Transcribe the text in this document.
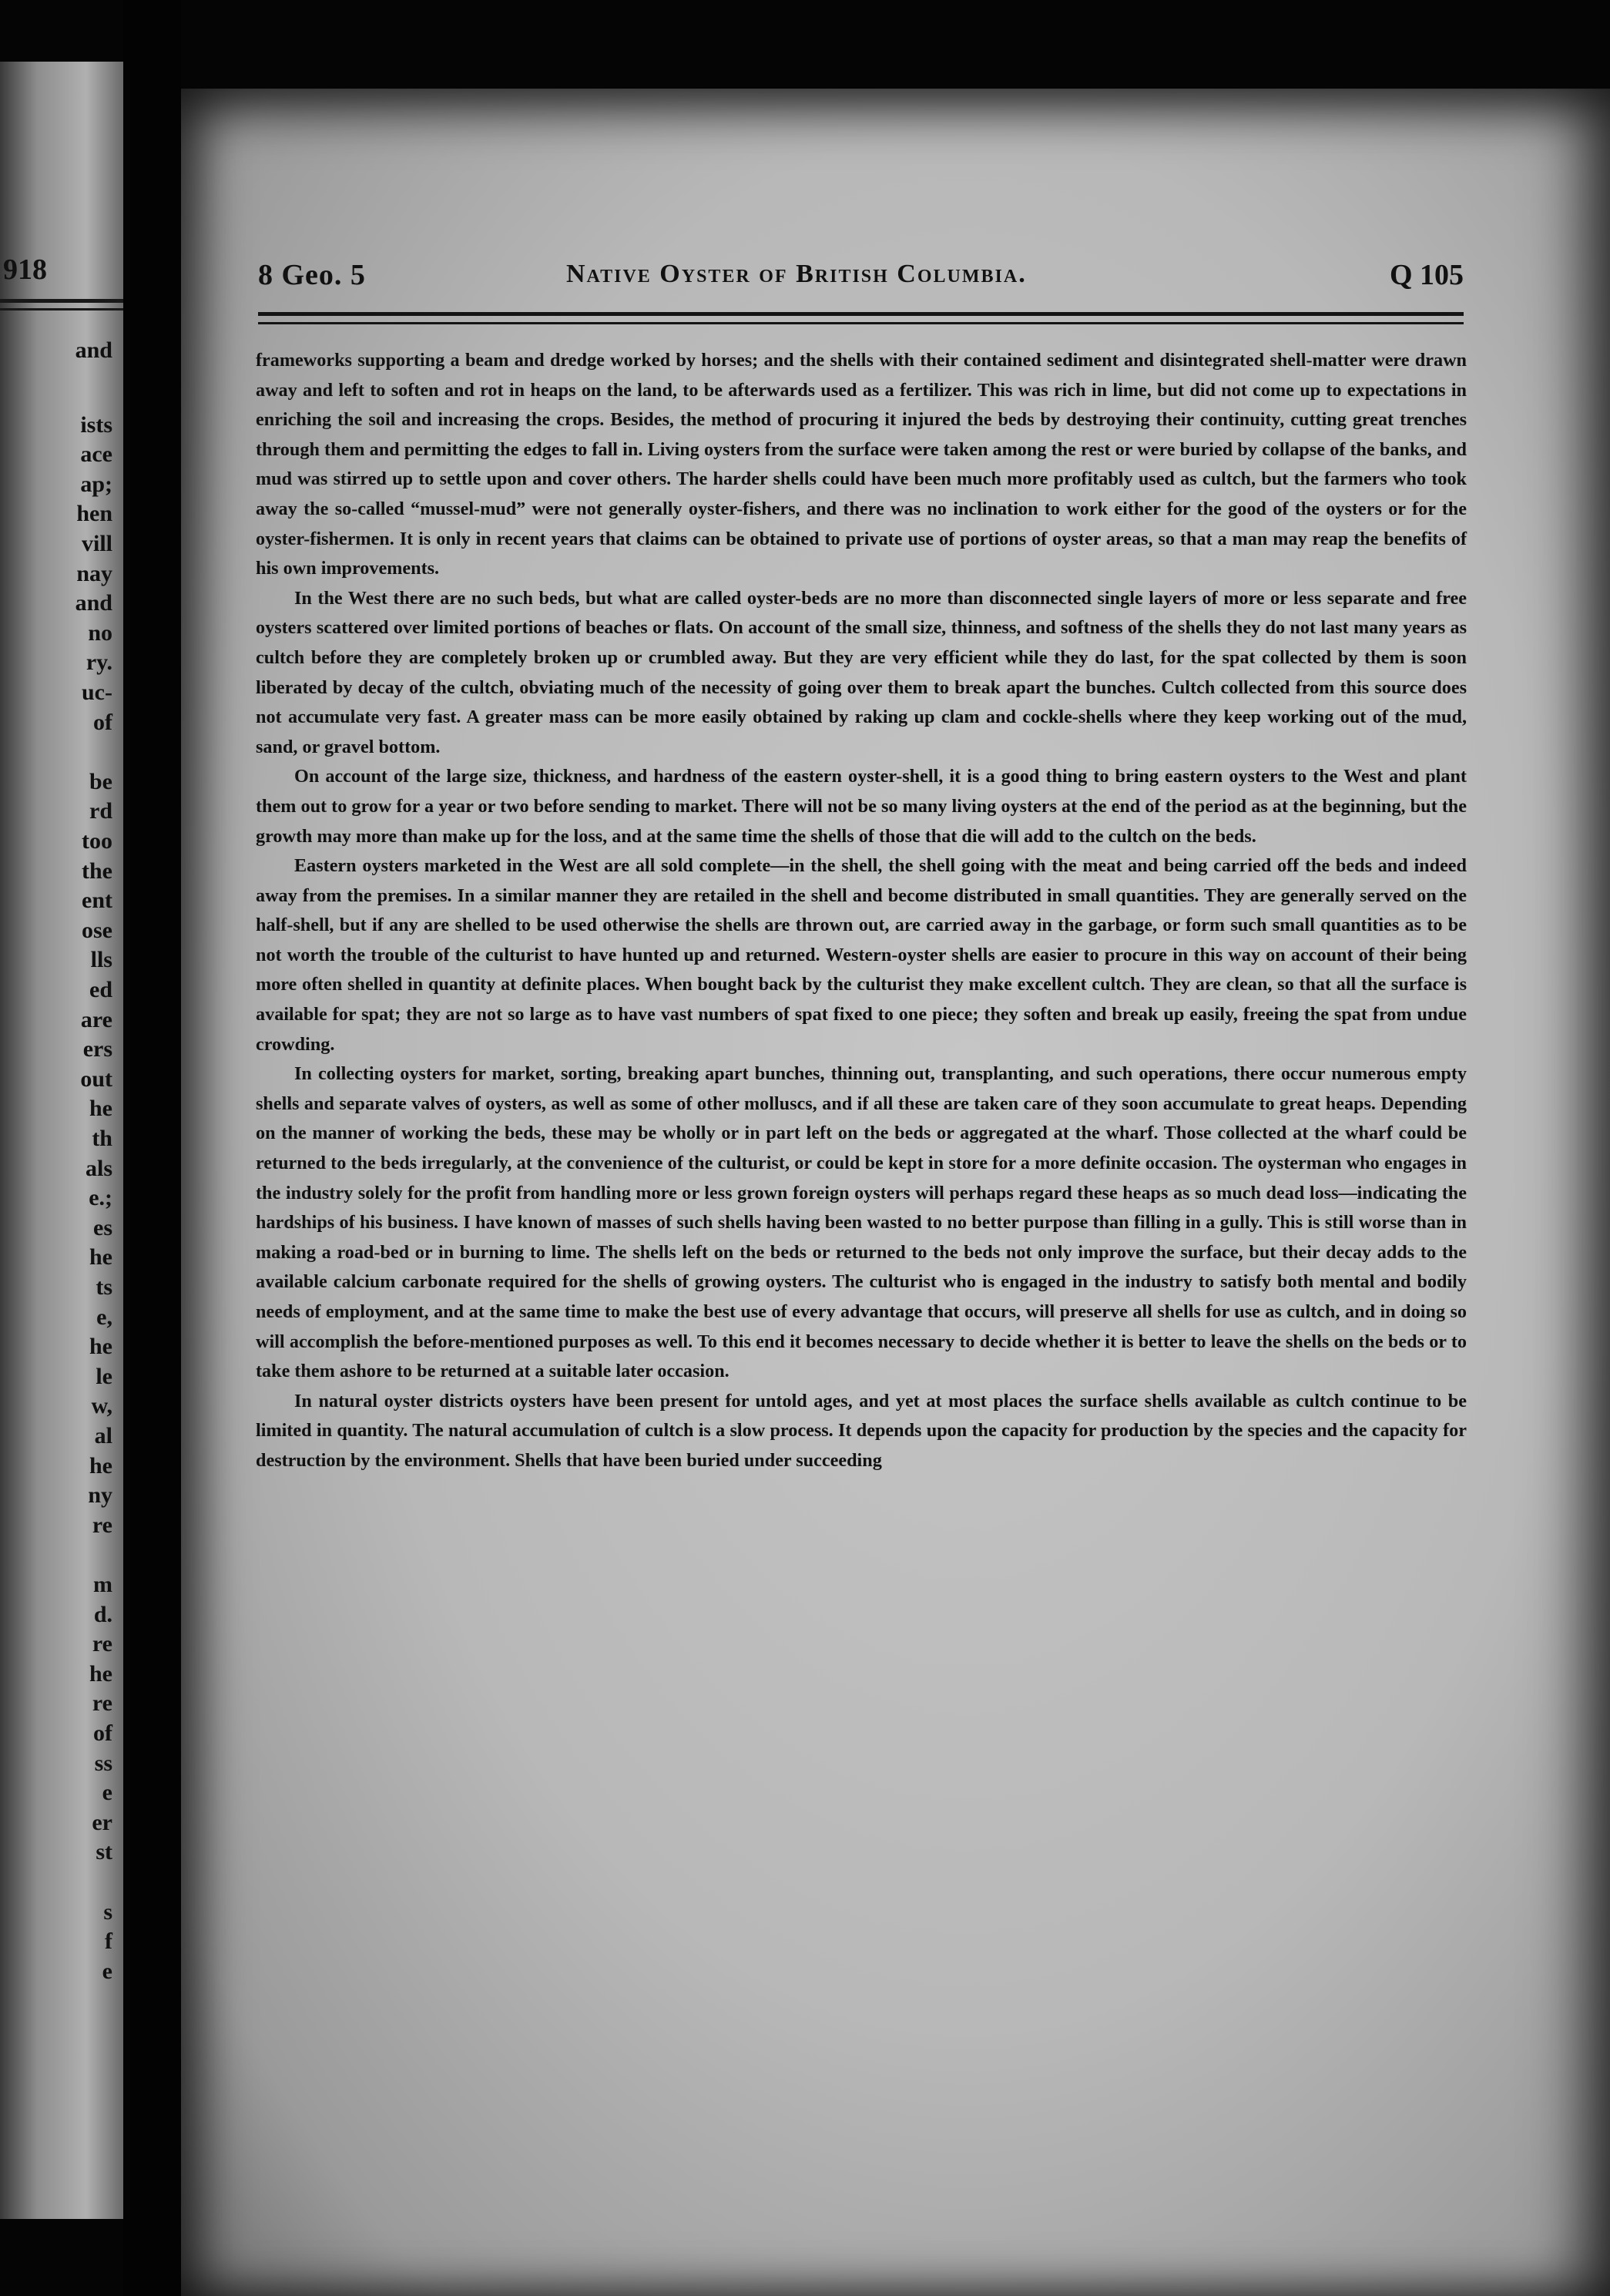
918
and
ists
ace
ap;
hen
vill
nay
and
no
ry.
uc-
of
be
rd
too
the
ent
ose
lls
ed
are
ers
out
he
th
als
e.;
es
he
ts
e,
he
le
w,
al
he
ny
re
m
d.
re
he
re
of
ss
e
er
st
s
f
e
8 Geo. 5	Native Oyster of British Columbia.	Q 105

frameworks supporting a beam and dredge worked by horses; and the shells with their contained sediment and disintegrated shell-matter were drawn away and left to soften and rot in heaps on the land, to be afterwards used as a fertilizer. This was rich in lime, but did not come up to expectations in enriching the soil and increasing the crops. Besides, the method of procuring it injured the beds by destroying their continuity, cutting great trenches through them and permitting the edges to fall in. Living oysters from the surface were taken among the rest or were buried by collapse of the banks, and mud was stirred up to settle upon and cover others. The harder shells could have been much more profitably used as cultch, but the farmers who took away the so-called “mussel-mud” were not generally oyster-fishers, and there was no inclination to work either for the good of the oysters or for the oyster-fishermen. It is only in recent years that claims can be obtained to private use of portions of oyster areas, so that a man may reap the benefits of his own improvements.

In the West there are no such beds, but what are called oyster-beds are no more than disconnected single layers of more or less separate and free oysters scattered over limited portions of beaches or flats. On account of the small size, thinness, and softness of the shells they do not last many years as cultch before they are completely broken up or crumbled away. But they are very efficient while they do last, for the spat collected by them is soon liberated by decay of the cultch, obviating much of the necessity of going over them to break apart the bunches. Cultch collected from this source does not accumulate very fast. A greater mass can be more easily obtained by raking up clam and cockle-shells where they keep working out of the mud, sand, or gravel bottom.

On account of the large size, thickness, and hardness of the eastern oyster-shell, it is a good thing to bring eastern oysters to the West and plant them out to grow for a year or two before sending to market. There will not be so many living oysters at the end of the period as at the beginning, but the growth may more than make up for the loss, and at the same time the shells of those that die will add to the cultch on the beds.

Eastern oysters marketed in the West are all sold complete—in the shell, the shell going with the meat and being carried off the beds and indeed away from the premises. In a similar manner they are retailed in the shell and become distributed in small quantities. They are generally served on the half-shell, but if any are shelled to be used otherwise the shells are thrown out, are carried away in the garbage, or form such small quantities as to be not worth the trouble of the culturist to have hunted up and returned. Western-oyster shells are easier to procure in this way on account of their being more often shelled in quantity at definite places. When bought back by the culturist they make excellent cultch. They are clean, so that all the surface is available for spat; they are not so large as to have vast numbers of spat fixed to one piece; they soften and break up easily, freeing the spat from undue crowding.

In collecting oysters for market, sorting, breaking apart bunches, thinning out, transplanting, and such operations, there occur numerous empty shells and separate valves of oysters, as well as some of other molluscs, and if all these are taken care of they soon accumulate to great heaps. Depending on the manner of working the beds, these may be wholly or in part left on the beds or aggregated at the wharf. Those collected at the wharf could be returned to the beds irregularly, at the convenience of the culturist, or could be kept in store for a more definite occasion. The oysterman who engages in the industry solely for the profit from handling more or less grown foreign oysters will perhaps regard these heaps as so much dead loss—indicating the hardships of his business. I have known of masses of such shells having been wasted to no better purpose than filling in a gully. This is still worse than in making a road-bed or in burning to lime. The shells left on the beds or returned to the beds not only improve the surface, but their decay adds to the available calcium carbonate required for the shells of growing oysters. The culturist who is engaged in the industry to satisfy both mental and bodily needs of employment, and at the same time to make the best use of every advantage that occurs, will preserve all shells for use as cultch, and in doing so will accomplish the before-mentioned purposes as well. To this end it becomes necessary to decide whether it is better to leave the shells on the beds or to take them ashore to be returned at a suitable later occasion.

In natural oyster districts oysters have been present for untold ages, and yet at most places the surface shells available as cultch continue to be limited in quantity. The natural accumulation of cultch is a slow process. It depends upon the capacity for production by the species and the capacity for destruction by the environment. Shells that have been buried under succeeding
